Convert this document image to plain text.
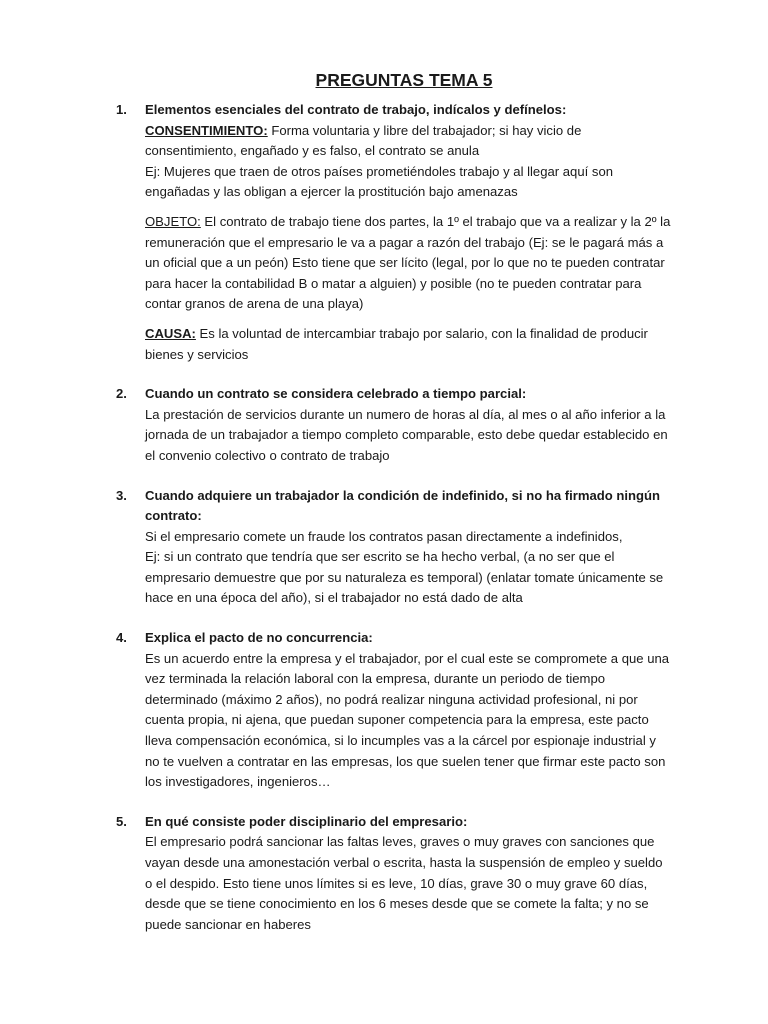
PREGUNTAS TEMA 5
1. Elementos esenciales del contrato de trabajo, indícalos y defínelos:

CONSENTIMIENTO: Forma voluntaria y libre del trabajador; si hay vicio de consentimiento, engañado y es falso, el contrato se anula

Ej: Mujeres que traen de otros países prometiéndoles trabajo y al llegar aquí son engañadas y las obligan a ejercer la prostitución bajo amenazas

OBJETO: El contrato de trabajo tiene dos partes, la 1º el trabajo que va a realizar y la 2º la remuneración que el empresario le va a pagar a razón del trabajo (Ej: se le pagará más a un oficial que a un peón) Esto tiene que ser lícito (legal, por lo que no te pueden contratar para hacer la contabilidad B o matar a alguien) y posible (no te pueden contratar para contar granos de arena de una playa)

CAUSA: Es la voluntad de intercambiar trabajo por salario, con la finalidad de producir bienes y servicios

2. Cuando un contrato se considera celebrado a tiempo parcial:

La prestación de servicios durante un numero de horas al día, al mes o al año inferior a la jornada de un trabajador a tiempo completo comparable, esto debe quedar establecido en el convenio colectivo o contrato de trabajo

3. Cuando adquiere un trabajador la condición de indefinido, si no ha firmado ningún contrato:

Si el empresario comete un fraude los contratos pasan directamente a indefinidos,

Ej: si un contrato que tendría que ser escrito se ha hecho verbal, (a no ser que el empresario demuestre que por su naturaleza es temporal) (enlatar tomate únicamente se hace en una época del año), si el trabajador no está dado de alta

4. Explica el pacto de no concurrencia:

Es un acuerdo entre la empresa y el trabajador, por el cual este se compromete a que una vez terminada la relación laboral con la empresa, durante un periodo de tiempo determinado (máximo 2 años), no podrá realizar ninguna actividad profesional, ni por cuenta propia, ni ajena, que puedan suponer competencia para la empresa, este pacto lleva compensación económica, si lo incumples vas a la cárcel por espionaje industrial y no te vuelven a contratar en las empresas, los que suelen tener que firmar este pacto son los investigadores, ingenieros…

5. En qué consiste poder disciplinario del empresario:

El empresario podrá sancionar las faltas leves, graves o muy graves con sanciones que vayan desde una amonestación verbal o escrita, hasta la suspensión de empleo y sueldo o el despido. Esto tiene unos límites si es leve, 10 días, grave 30 o muy grave 60 días, desde que se tiene conocimiento en los 6 meses desde que se comete la falta; y no se puede sancionar en haberes
